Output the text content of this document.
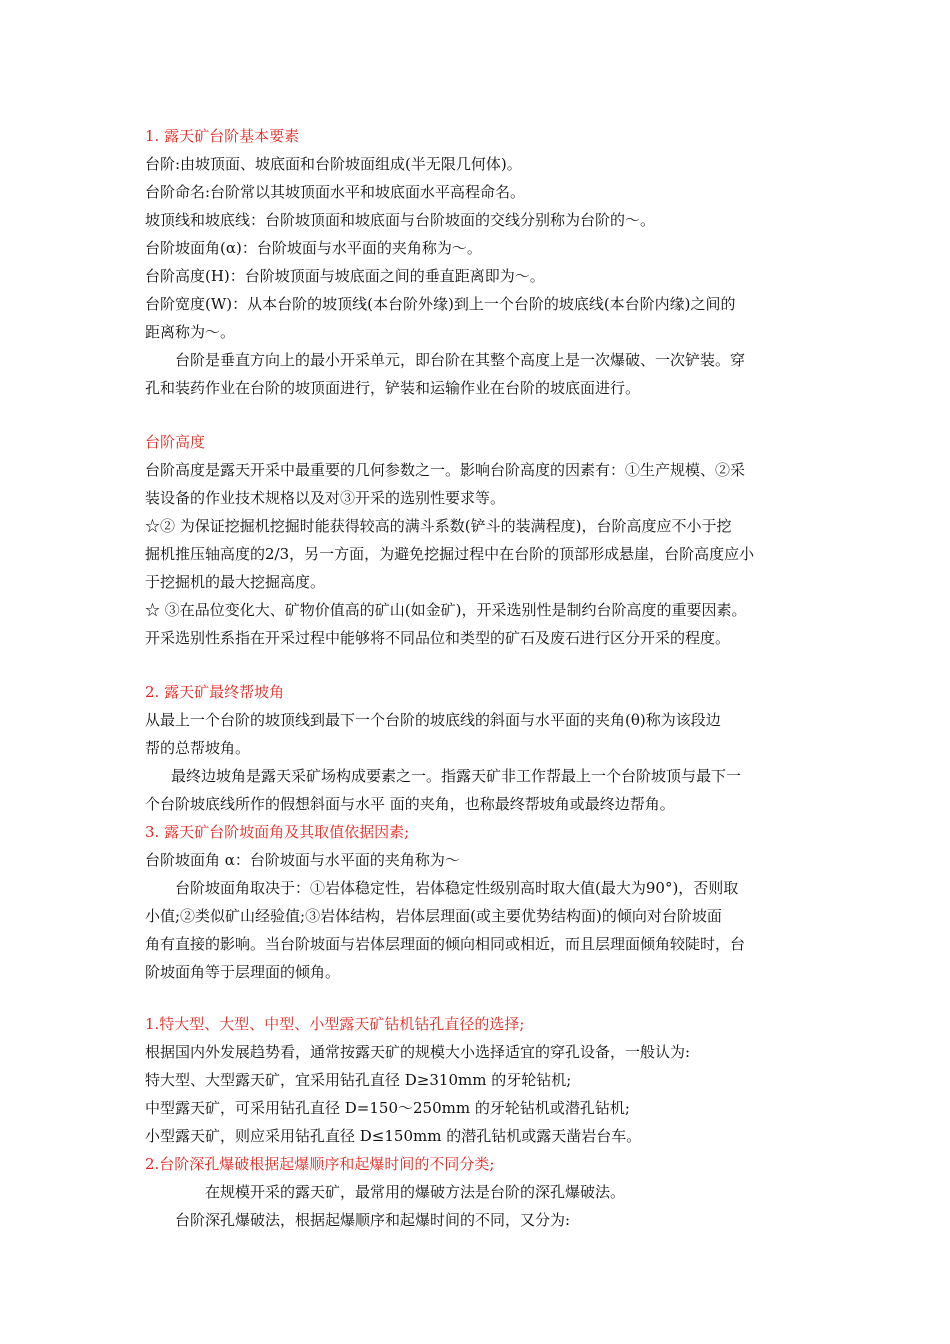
1. 露天矿台阶基本要素
台阶:由坡顶面、坡底面和台阶坡面组成(半无限几何体)。
台阶命名:台阶常以其坡顶面水平和坡底面水平高程命名。
坡顶线和坡底线：台阶坡顶面和坡底面与台阶坡面的交线分别称为台阶的～。
台阶坡面角(α)：台阶坡面与水平面的夹角称为～。
台阶高度(H)：台阶坡顶面与坡底面之间的垂直距离即为～。
台阶宽度(W)：从本台阶的坡顶线(本台阶外缘)到上一个台阶的坡底线(本台阶内缘)之间的
距离称为～。
台阶是垂直方向上的最小开采单元，即台阶在其整个高度上是一次爆破、一次铲装。穿
孔和装药作业在台阶的坡顶面进行，铲装和运输作业在台阶的坡底面进行。
台阶高度
台阶高度是露天开采中最重要的几何参数之一。影响台阶高度的因素有：①生产规模、②采
装设备的作业技术规格以及对③开采的选别性要求等。
☆② 为保证挖掘机挖掘时能获得较高的满斗系数(铲斗的装满程度)，台阶高度应不小于挖
掘机推压轴高度的2/3，另一方面，为避免挖掘过程中在台阶的顶部形成悬崖，台阶高度应小
于挖掘机的最大挖掘高度。
☆ ③在品位变化大、矿物价值高的矿山(如金矿)，开采选别性是制约台阶高度的重要因素。
开采选别性系指在开采过程中能够将不同品位和类型的矿石及废石进行区分开采的程度。
2. 露天矿最终帮坡角
从最上一个台阶的坡顶线到最下一个台阶的坡底线的斜面与水平面的夹角(θ)称为该段边
帮的总帮坡角。
最终边坡角是露天采矿场构成要素之一。指露天矿非工作帮最上一个台阶坡顶与最下一
个台阶坡底线所作的假想斜面与水平 面的夹角，也称最终帮坡角或最终边帮角。
3. 露天矿台阶坡面角及其取值依据因素;
台阶坡面角 α：台阶坡面与水平面的夹角称为～
台阶坡面角取决于：①岩体稳定性，岩体稳定性级别高时取大值(最大为90°)，否则取
小值;②类似矿山经验值;③岩体结构，岩体层理面(或主要优势结构面)的倾向对台阶坡面
角有直接的影响。当台阶坡面与岩体层理面的倾向相同或相近，而且层理面倾角较陡时，台
阶坡面角等于层理面的倾角。
1.特大型、大型、中型、小型露天矿钻机钻孔直径的选择;
根据国内外发展趋势看，通常按露天矿的规模大小选择适宜的穿孔设备，一般认为:
特大型、大型露天矿，宜采用钻孔直径 D≥310mm 的牙轮钻机;
中型露天矿，可采用钻孔直径 D=150～250mm 的牙轮钻机或潜孔钻机;
小型露天矿，则应采用钻孔直径 D≤150mm 的潜孔钻机或露天凿岩台车。
2.台阶深孔爆破根据起爆顺序和起爆时间的不同分类;
在规模开采的露天矿，最常用的爆破方法是台阶的深孔爆破法。
台阶深孔爆破法，根据起爆顺序和起爆时间的不同，又分为:
